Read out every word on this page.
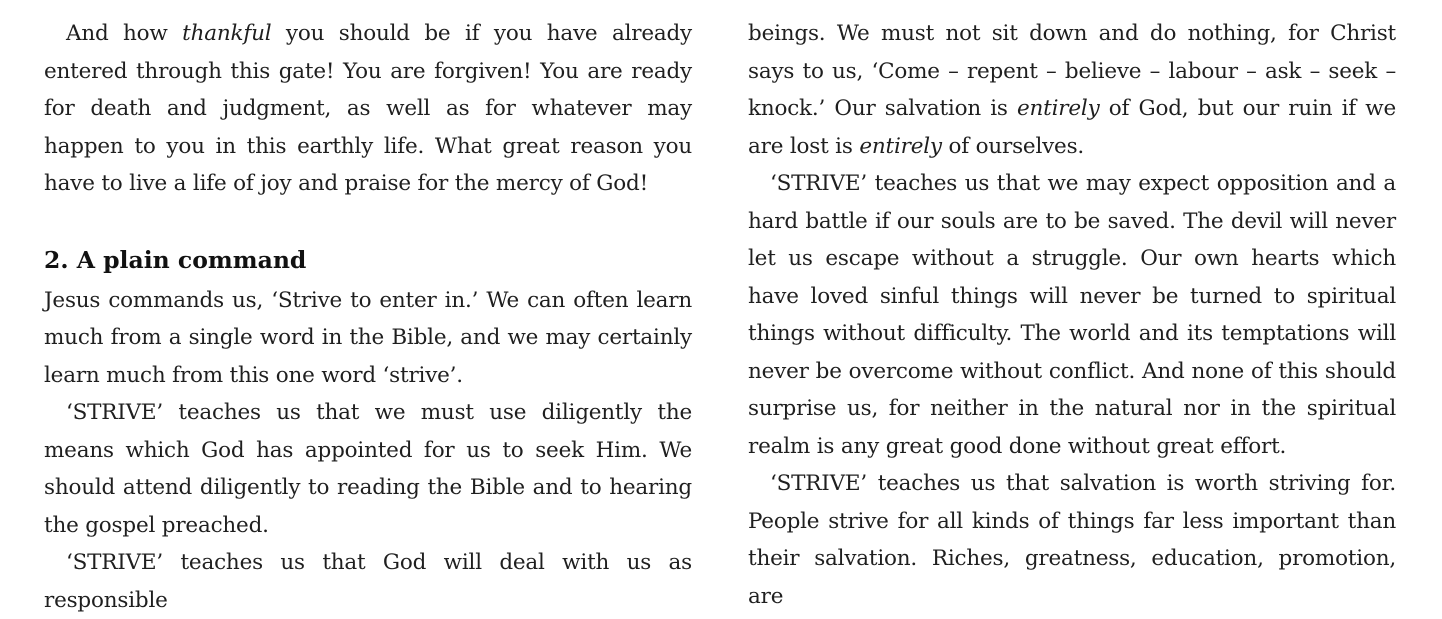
And how thankful you should be if you have already entered through this gate! You are forgiven! You are ready for death and judgment, as well as for whatever may happen to you in this earthly life. What great reason you have to live a life of joy and praise for the mercy of God!

2. A plain command

Jesus commands us, ‘Strive to enter in.’ We can often learn much from a single word in the Bible, and we may certainly learn much from this one word ‘strive’.

‘STRIVE’ teaches us that we must use diligently the means which God has appointed for us to seek Him. We should attend diligently to reading the Bible and to hearing the gospel preached.

‘STRIVE’ teaches us that God will deal with us as responsible

beings. We must not sit down and do nothing, for Christ says to us, ‘Come – repent – believe – labour – ask – seek – knock.’ Our salvation is entirely of God, but our ruin if we are lost is entirely of ourselves.

‘STRIVE’ teaches us that we may expect opposition and a hard battle if our souls are to be saved. The devil will never let us escape without a struggle. Our own hearts which have loved sinful things will never be turned to spiritual things without difficulty. The world and its temptations will never be overcome without conflict. And none of this should surprise us, for neither in the natural nor in the spiritual realm is any great good done without great effort.

‘STRIVE’ teaches us that salvation is worth striving for. People strive for all kinds of things far less important than their salvation. Riches, greatness, education, promotion, are
